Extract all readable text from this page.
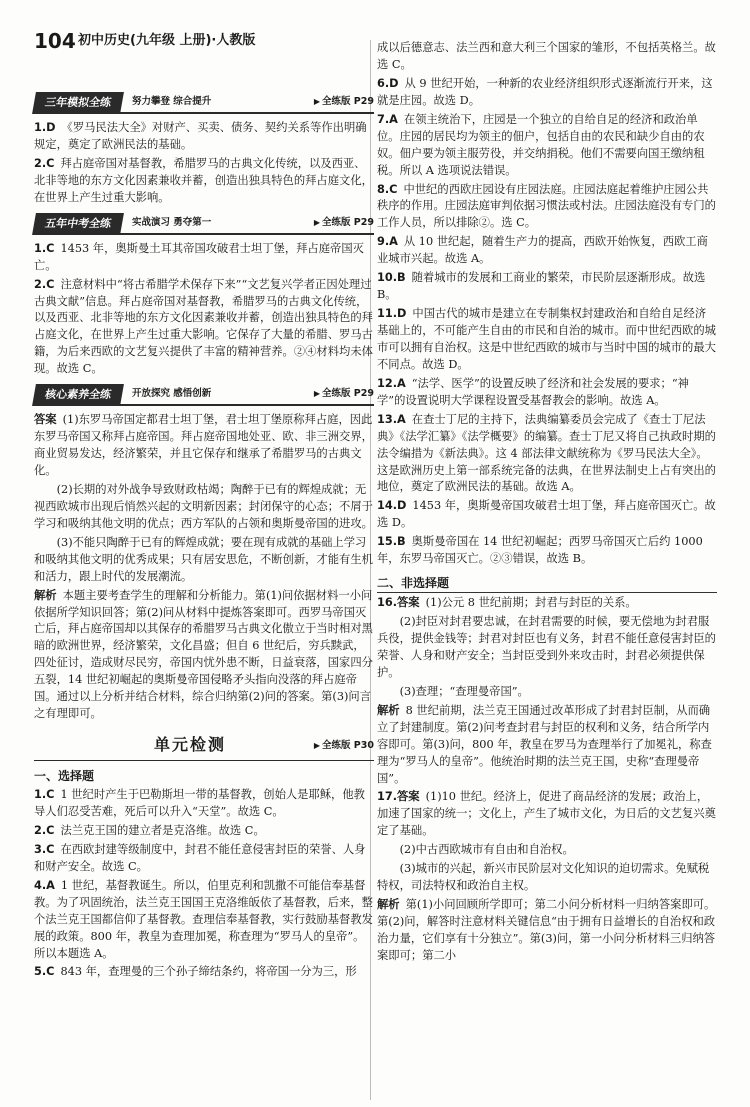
104 初中历史(九年级 上册)·人教版
三年模拟全练	努力攀登 综合提升	▶ 全练版 P29
1.D 《罗马民法大全》对财产、买卖、债务、契约关系等作出明确规定，奠定了欧洲民法的基础。
2.C 拜占庭帝国对基督教，希腊罗马的古典文化传统，以及西亚、北非等地的东方文化因素兼收并蓄，创造出独具特色的拜占庭文化，在世界上产生过重大影响。
五年中考全练	实战演习 勇夺第一	▶ 全练版 P29
1.C 1453 年，奥斯曼土耳其帝国攻破君士坦丁堡，拜占庭帝国灭亡。
2.C 注意材料中“将古希腊学术保存下来”“文艺复兴学者正因处理过古典文献”信息。拜占庭帝国对基督教，希腊罗马的古典文化传统，以及西亚、北非等地的东方文化因素兼收并蓄，创造出独具特色的拜占庭文化，在世界上产生过重大影响。它保存了大量的希腊、罗马古籍，为后来西欧的文艺复兴提供了丰富的精神营养。②④材料均未体现。故选 C。
核心素养全练	开放探究 感悟创新	▶ 全练版 P29
答案 (1)东罗马帝国定都君士坦丁堡，君士坦丁堡原称拜占庭，因此东罗马帝国又称拜占庭帝国。拜占庭帝国地处亚、欧、非三洲交界，商业贸易发达，经济繁荣，并且它保存和继承了希腊罗马的古典文化。
(2)长期的对外战争导致财政枯竭；陶醉于已有的辉煌成就；无视西欧城市出现后悄然兴起的文明新因素；封闭保守的心态；不屑于学习和吸纳其他文明的优点；西方军队的占领和奥斯曼帝国的进攻。
(3)不能只陶醉于已有的辉煌成就；要在现有成就的基础上学习和吸纳其他文明的优秀成果；只有居安思危，不断创新，才能有生机和活力，跟上时代的发展潮流。
解析 本题主要考查学生的理解和分析能力。第(1)问依据材料一小问依据所学知识回答；第(2)问从材料中提炼答案即可。西罗马帝国灭亡后，拜占庭帝国却以其保存的希腊罗马古典文化傲立于当时相对黑暗的欧洲世界，经济繁荣，文化昌盛；但自 6 世纪后，穷兵黩武，四处征讨，造成财尽民穷，帝国内忧外患不断，日益衰落，国家四分五裂，14 世纪初崛起的奥斯曼帝国侵略矛头指向没落的拜占庭帝国。通过以上分析并结合材料，综合归纳第(2)问的答案。第(3)问言之有理即可。
单元检测	▶ 全练版 P30
一、选择题
1.C 1 世纪时产生于巴勒斯坦一带的基督教，创始人是耶稣，他教导人们忍受苦难，死后可以升入“天堂”。故选 C。
2.C 法兰克王国的建立者是克洛维。故选 C。
3.C 在西欧封建等级制度中，封君不能任意侵害封臣的荣誉、人身和财产安全。故选 C。
4.A 1 世纪，基督教诞生。所以，伯里克利和凯撒不可能信奉基督教。为了巩固统治，法兰克王国国王克洛维皈依了基督教，后来，整个法兰克王国都信仰了基督教。查理信奉基督教，实行鼓励基督教发展的政策。800 年，教皇为查理加冕，称查理为“罗马人的皇帝”。所以本题选 A。
5.C 843 年，查理曼的三个孙子缔结条约，将帝国一分为三，形
成以后德意志、法兰西和意大利三个国家的雏形，不包括英格兰。故选 C。
6.D 从 9 世纪开始，一种新的农业经济组织形式逐渐流行开来，这就是庄园。故选 D。
7.A 在领主统治下，庄园是一个独立的自给自足的经济和政治单位。庄园的居民均为领主的佃户，包括自由的农民和缺少自由的农奴。佃户要为领主服劳役，并交纳捐税。他们不需要向国王缴纳租税。所以 A 选项说法错误。
8.C 中世纪的西欧庄园设有庄园法庭。庄园法庭起着维护庄园公共秩序的作用。庄园法庭审判依据习惯法或村法。庄园法庭没有专门的工作人员，所以排除②。选 C。
9.A 从 10 世纪起，随着生产力的提高，西欧开始恢复，西欧工商业城市兴起。故选 A。
10.B 随着城市的发展和工商业的繁荣，市民阶层逐渐形成。故选 B。
11.D 中国古代的城市是建立在专制集权封建政治和自给自足经济基础上的，不可能产生自由的市民和自治的城市。而中世纪西欧的城市可以拥有自治权。这是中世纪西欧的城市与当时中国的城市的最大不同点。故选 D。
12.A “法学、医学”的设置反映了经济和社会发展的要求；“神学”的设置说明大学课程设置受基督教会的影响。故选 A。
13.A 在查士丁尼的主持下，法典编纂委员会完成了《查士丁尼法典》《法学汇纂》《法学概要》的编纂。查士丁尼又将自己执政时期的法令编措为《新法典》。这 4 部法律文献统称为《罗马民法大全》。这是欧洲历史上第一部系统完备的法典，在世界法制史上占有突出的地位，奠定了欧洲民法的基础。故选 A。
14.D 1453 年，奥斯曼帝国攻破君士坦丁堡，拜占庭帝国灭亡。故选 D。
15.B 奥斯曼帝国在 14 世纪初崛起；西罗马帝国灭亡后约 1000 年，东罗马帝国灭亡。②③错误，故选 B。
二、非选择题
16.答案 (1)公元 8 世纪前期；封君与封臣的关系。
(2)封臣对封君要忠诚，在封君需要的时候，要无偿地为封君服兵役，提供金钱等；封君对封臣也有义务，封君不能任意侵害封臣的荣誉、人身和财产安全；当封臣受到外来攻击时，封君必须提供保护。
(3)查理；“查理曼帝国”。
解析 8 世纪前期，法兰克王国通过改革形成了封君封臣制，从而确立了封建制度。第(2)问考查封君与封臣的权利和义务，结合所学内容即可。第(3)问，800 年，教皇在罗马为查理举行了加冕礼，称查理为“罗马人的皇帝”。他统治时期的法兰克王国，史称“查理曼帝国”。
17.答案 (1)10 世纪。经济上，促进了商品经济的发展；政治上，加速了国家的统一；文化上，产生了城市文化，为日后的文艺复兴奠定了基础。
(2)中古西欧城市有自由和自治权。
(3)城市的兴起，新兴市民阶层对文化知识的迫切需求。免赋税特权，司法特权和政治自主权。
解析 第(1)小问回顾所学即可；第二小问分析材料一归纳答案即可。第(2)问，解答时注意材料关键信息“由于拥有日益增长的自治权和政治力量，它们享有十分独立”。第(3)问，第一小问分析材料三归纳答案即可；第二小
